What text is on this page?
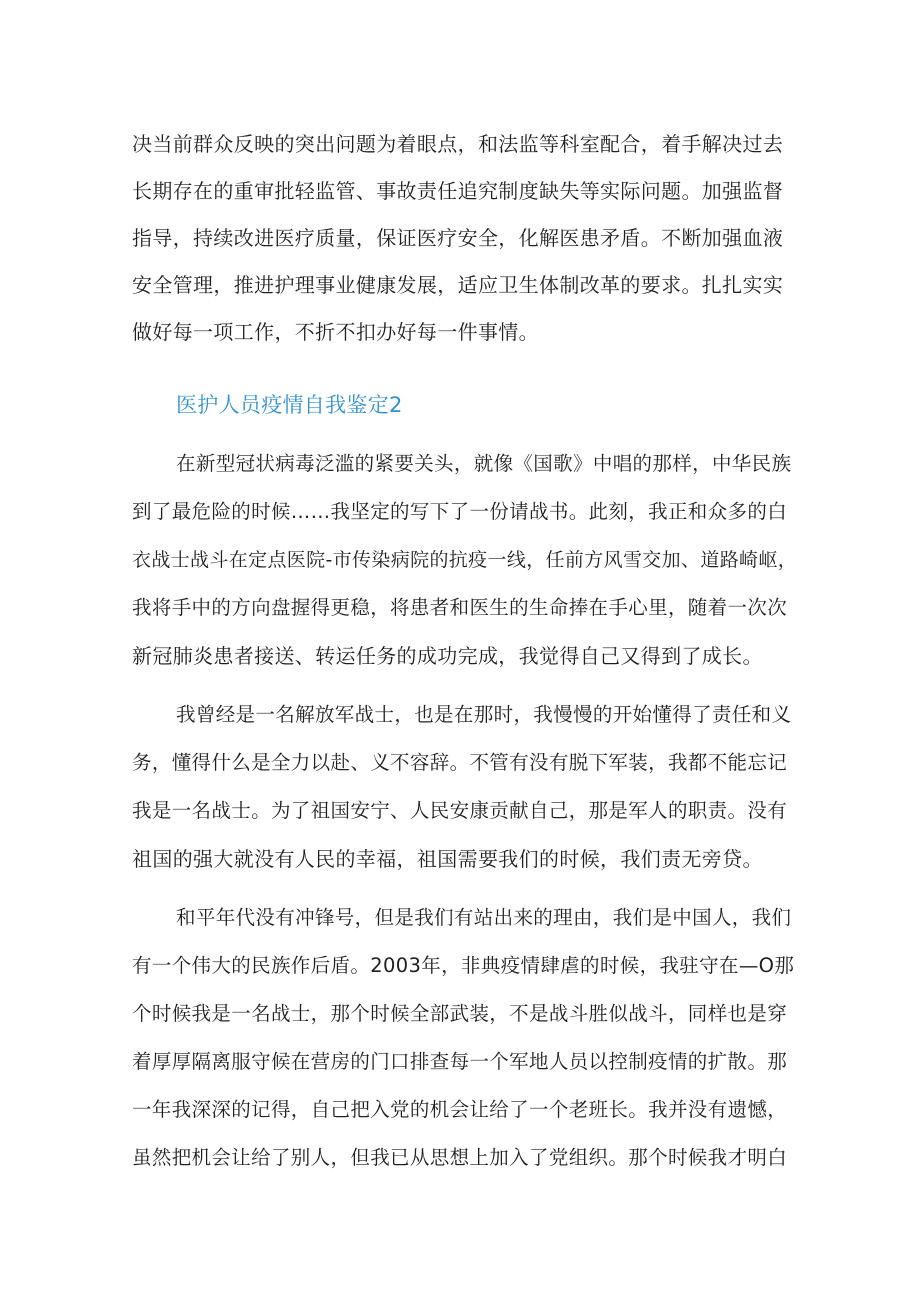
决当前群众反映的突出问题为着眼点，和法监等科室配合，着手解决过去
长期存在的重审批轻监管、事故责任追究制度缺失等实际问题。加强监督
指导，持续改进医疗质量，保证医疗安全，化解医患矛盾。不断加强血液
安全管理，推进护理事业健康发展，适应卫生体制改革的要求。扎扎实实
做好每一项工作，不折不扣办好每一件事情。
医护人员疫情自我鉴定2
在新型冠状病毒泛滥的紧要关头，就像《国歌》中唱的那样，中华民族
到了最危险的时候……我坚定的写下了一份请战书。此刻，我正和众多的白
衣战士战斗在定点医院-市传染病院的抗疫一线，任前方风雪交加、道路崎岖，
我将手中的方向盘握得更稳，将患者和医生的生命捧在手心里，随着一次次
新冠肺炎患者接送、转运任务的成功完成，我觉得自己又得到了成长。
我曾经是一名解放军战士，也是在那时，我慢慢的开始懂得了责任和义
务，懂得什么是全力以赴、义不容辞。不管有没有脱下军装，我都不能忘记
我是一名战士。为了祖国安宁、人民安康贡献自己，那是军人的职责。没有
祖国的强大就没有人民的幸福，祖国需要我们的时候，我们责无旁贷。
和平年代没有冲锋号，但是我们有站出来的理由，我们是中国人，我们
有一个伟大的民族作后盾。2003年，非典疫情肆虐的时候，我驻守在—O那
个时候我是一名战士，那个时候全部武装，不是战斗胜似战斗，同样也是穿
着厚厚隔离服守候在营房的门口排查每一个军地人员以控制疫情的扩散。那
一年我深深的记得，自己把入党的机会让给了一个老班长。我并没有遗憾，
虽然把机会让给了别人，但我已从思想上加入了党组织。那个时候我才明白
